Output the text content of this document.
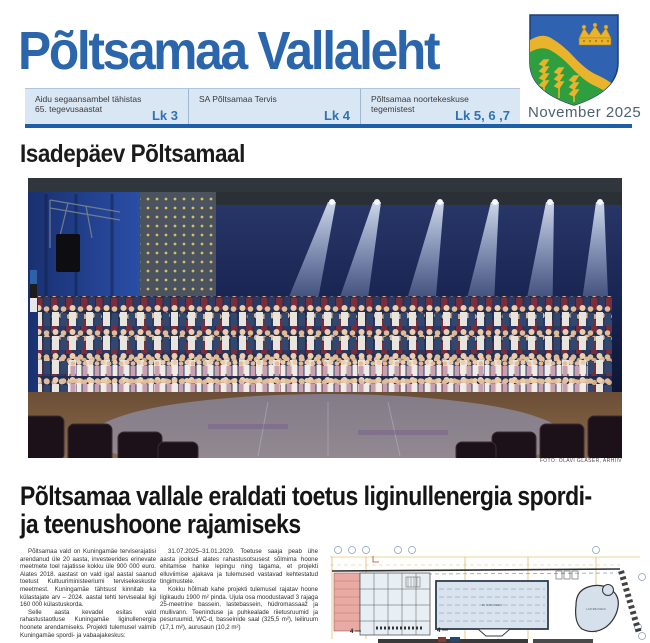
Põltsamaa Vallaleht
Aidu segaansambel tähistas 65. tegevusaastat	Lk 3
SA Põltsamaa Tervis
Lk 4
Põltsamaa noortekeskuse tegemistest	Lk 5, 6 ,7 November 2025
Isadepäev Põltsamaal
FOTO: OLAVI GLASER, ARHIIV
Põltsamaa vallale eraldati toetus liginullenergia spordi-
ja teenushoone rajamiseks

Põltsamaa vald on Kuningamäe terviserajatisi arendanud üle 20 aasta, investeerides erinevate meetmete toel rajatisse kokku üle 900 000 euro. Alates 2018. aastast on vald igal aastal saanud toetust Kultuuriministeeriumi tervisekeskuste meetmest. Kuningamäe tähtsust kinnitab ka külastajate arv – 2024. aastal tehti tervisealal ligi 160 000 külastuskorda.

Selle aasta kevadel esitas vald rahastustaotluse Kuningamäe liginullenergia hoonete arendamiseks. Projekti tulemusel valmib Kuningamäe spordi- ja vabaajakeskus:

31.07.2025–31.01.2029. Toetuse saaja peab ühe aasta jooksul alates rahastusotsusest sõlmima hoone ehitamise hanke lepingu ning tagama, et projekti elluviimise ajakava ja tulemused vastavad kehtestatud tingimustele.

Kokku hõlmab kahe projekti tulemusel rajatav hoone ligikaudu 1900 m² pinda. Ujula osa moodustavad 3 rajaga 25-meetrine bassein, lastebassein, hüdromassaaž ja mullivann. Teeninduse ja puhkealade riietusruumid ja pesuruumid, WC-d, basseinide saal (325,5 m²), leiliruum (17,1 m²), aurusaun (10,2 m²)

25 M BASSEIN
LASTEBASSEIN
4	4
